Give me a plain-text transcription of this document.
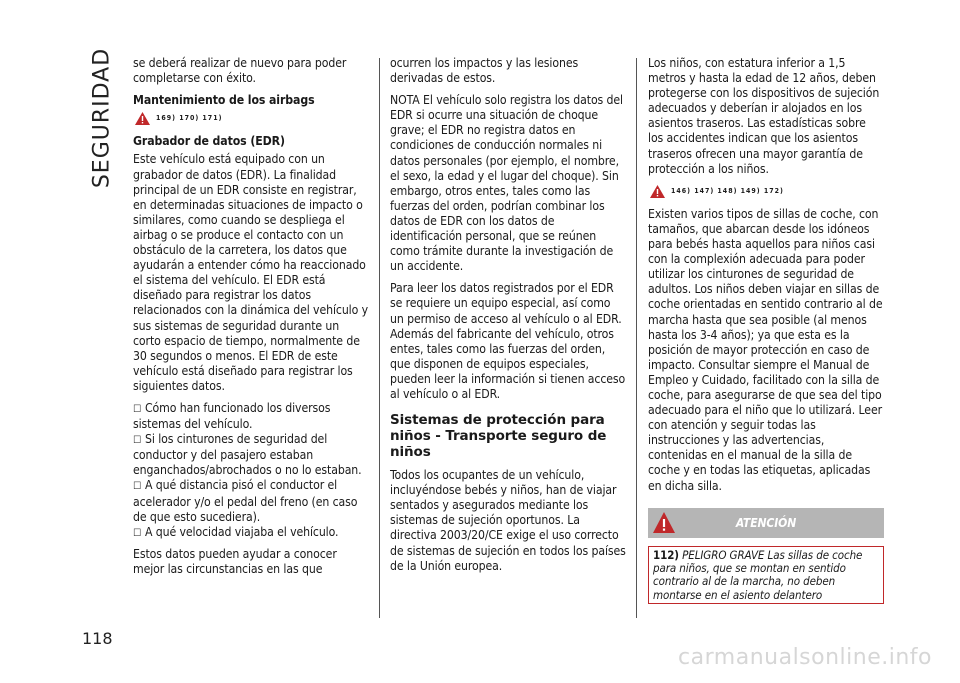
SEGURIDAD
118

se deberá realizar de nuevo para poder completarse con éxito.

Mantenimiento de los airbags
169) 170) 171)
Grabador de datos (EDR)

Este vehículo está equipado con un grabador de datos (EDR). La finalidad principal de un EDR consiste en registrar, en determinadas situaciones de impacto o similares, como cuando se despliega el airbag o se produce el contacto con un obstáculo de la carretera, los datos que ayudarán a entender cómo ha reaccionado el sistema del vehículo. El EDR está diseñado para registrar los datos relacionados con la dinámica del vehículo y sus sistemas de seguridad durante un corto espacio de tiempo, normalmente de 30 segundos o menos. El EDR de este vehículo está diseñado para registrar los siguientes datos.

☐ Cómo han funcionado los diversos sistemas del vehículo.
☐ Si los cinturones de seguridad del conductor y del pasajero estaban enganchados/abrochados o no lo estaban.
☐ A qué distancia pisó el conductor el acelerador y/o el pedal del freno (en caso de que esto sucediera).
☐ A qué velocidad viajaba el vehículo.

Estos datos pueden ayudar a conocer mejor las circunstancias en las que

ocurren los impactos y las lesiones derivadas de estos.

NOTA El vehículo solo registra los datos del EDR si ocurre una situación de choque grave; el EDR no registra datos en condiciones de conducción normales ni datos personales (por ejemplo, el nombre, el sexo, la edad y el lugar del choque). Sin embargo, otros entes, tales como las fuerzas del orden, podrían combinar los datos de EDR con los datos de identificación personal, que se reúnen como trámite durante la investigación de un accidente.

Para leer los datos registrados por el EDR se requiere un equipo especial, así como un permiso de acceso al vehículo o al EDR. Además del fabricante del vehículo, otros entes, tales como las fuerzas del orden, que disponen de equipos especiales, pueden leer la información si tienen acceso al vehículo o al EDR.

Sistemas de protección para niños - Transporte seguro de niños

Todos los ocupantes de un vehículo, incluyéndose bebés y niños, han de viajar sentados y asegurados mediante los sistemas de sujeción oportunos. La directiva 2003/20/CE exige el uso correcto de sistemas de sujeción en todos los países de la Unión europea.

Los niños, con estatura inferior a 1,5 metros y hasta la edad de 12 años, deben protegerse con los dispositivos de sujeción adecuados y deberían ir alojados en los asientos traseros. Las estadísticas sobre los accidentes indican que los asientos traseros ofrecen una mayor garantía de protección a los niños.

146) 147) 148) 149) 172)

Existen varios tipos de sillas de coche, con tamaños, que abarcan desde los idóneos para bebés hasta aquellos para niños casi con la complexión adecuada para poder utilizar los cinturones de seguridad de adultos. Los niños deben viajar en sillas de coche orientadas en sentido contrario al de marcha hasta que sea posible (al menos hasta los 3-4 años); ya que esta es la posición de mayor protección en caso de impacto. Consultar siempre el Manual de Empleo y Cuidado, facilitado con la silla de coche, para asegurarse de que sea del tipo adecuado para el niño que lo utilizará. Leer con atención y seguir todas las instrucciones y las advertencias, contenidas en el manual de la silla de coche y en todas las etiquetas, aplicadas en dicha silla.

ATENCIÓN
112) PELIGRO GRAVE Las sillas de coche para niños, que se montan en sentido contrario al de la marcha, no deben montarse en el asiento delantero
carmanualsonline.info
